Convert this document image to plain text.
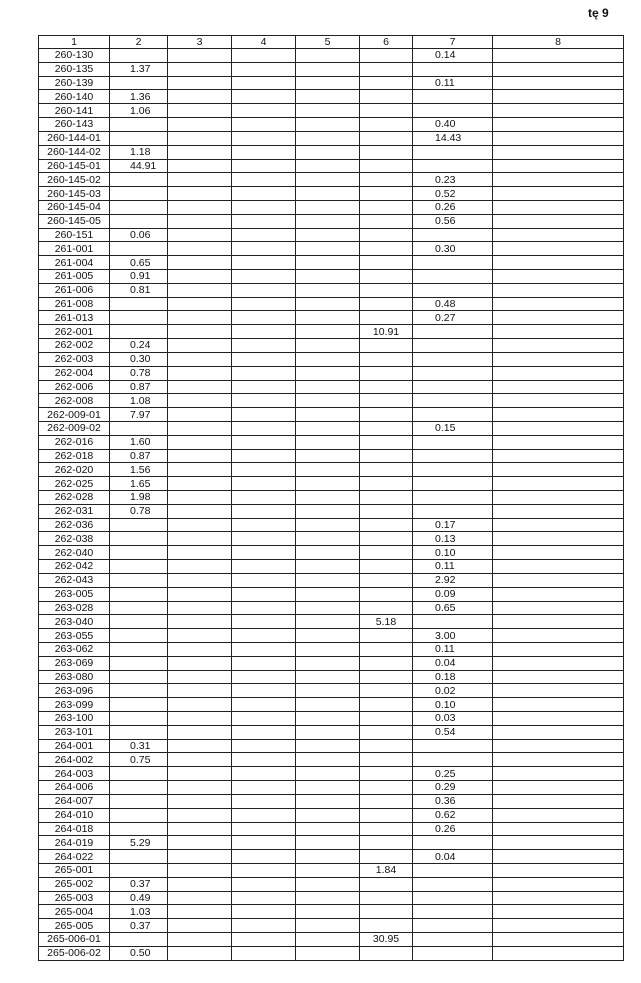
tę 9
1	2	3	4	5	6	7	8
260-130						0.14	
260-135	1.37						
260-139						0.11	
260-140	1.36						
260-141	1.06						
260-143						0.40	
260-144-01						14.43	
260-144-02	1.18						
260-145-01	44.91						
260-145-02						0.23	
260-145-03						0.52	
260-145-04						0.26	
260-145-05						0.56	
260-151	0.06						
261-001						0.30	
261-004	0.65						
261-005	0.91						
261-006	0.81						
261-008						0.48	
261-013						0.27	
262-001					10.91		
262-002	0.24						
262-003	0.30						
262-004	0.78						
262-006	0.87						
262-008	1.08						
262-009-01	7.97						
262-009-02						0.15	
262-016	1.60						
262-018	0.87						
262-020	1.56						
262-025	1.65						
262-028	1.98						
262-031	0.78						
262-036						0.17	
262-038						0.13	
262-040						0.10	
262-042						0.11	
262-043						2.92	
263-005						0.09	
263-028						0.65	
263-040					5.18		
263-055						3.00	
263-062						0.11	
263-069						0.04	
263-080						0.18	
263-096						0.02	
263-099						0.10	
263-100						0.03	
263-101						0.54	
264-001	0.31						
264-002	0.75						
264-003						0.25	
264-006						0.29	
264-007						0.36	
264-010						0.62	
264-018						0.26	
264-019	5.29						
264-022						0.04	
265-001					1.84		
265-002	0.37						
265-003	0.49						
265-004	1.03						
265-005	0.37						
265-006-01					30.95		
265-006-02	0.50						
